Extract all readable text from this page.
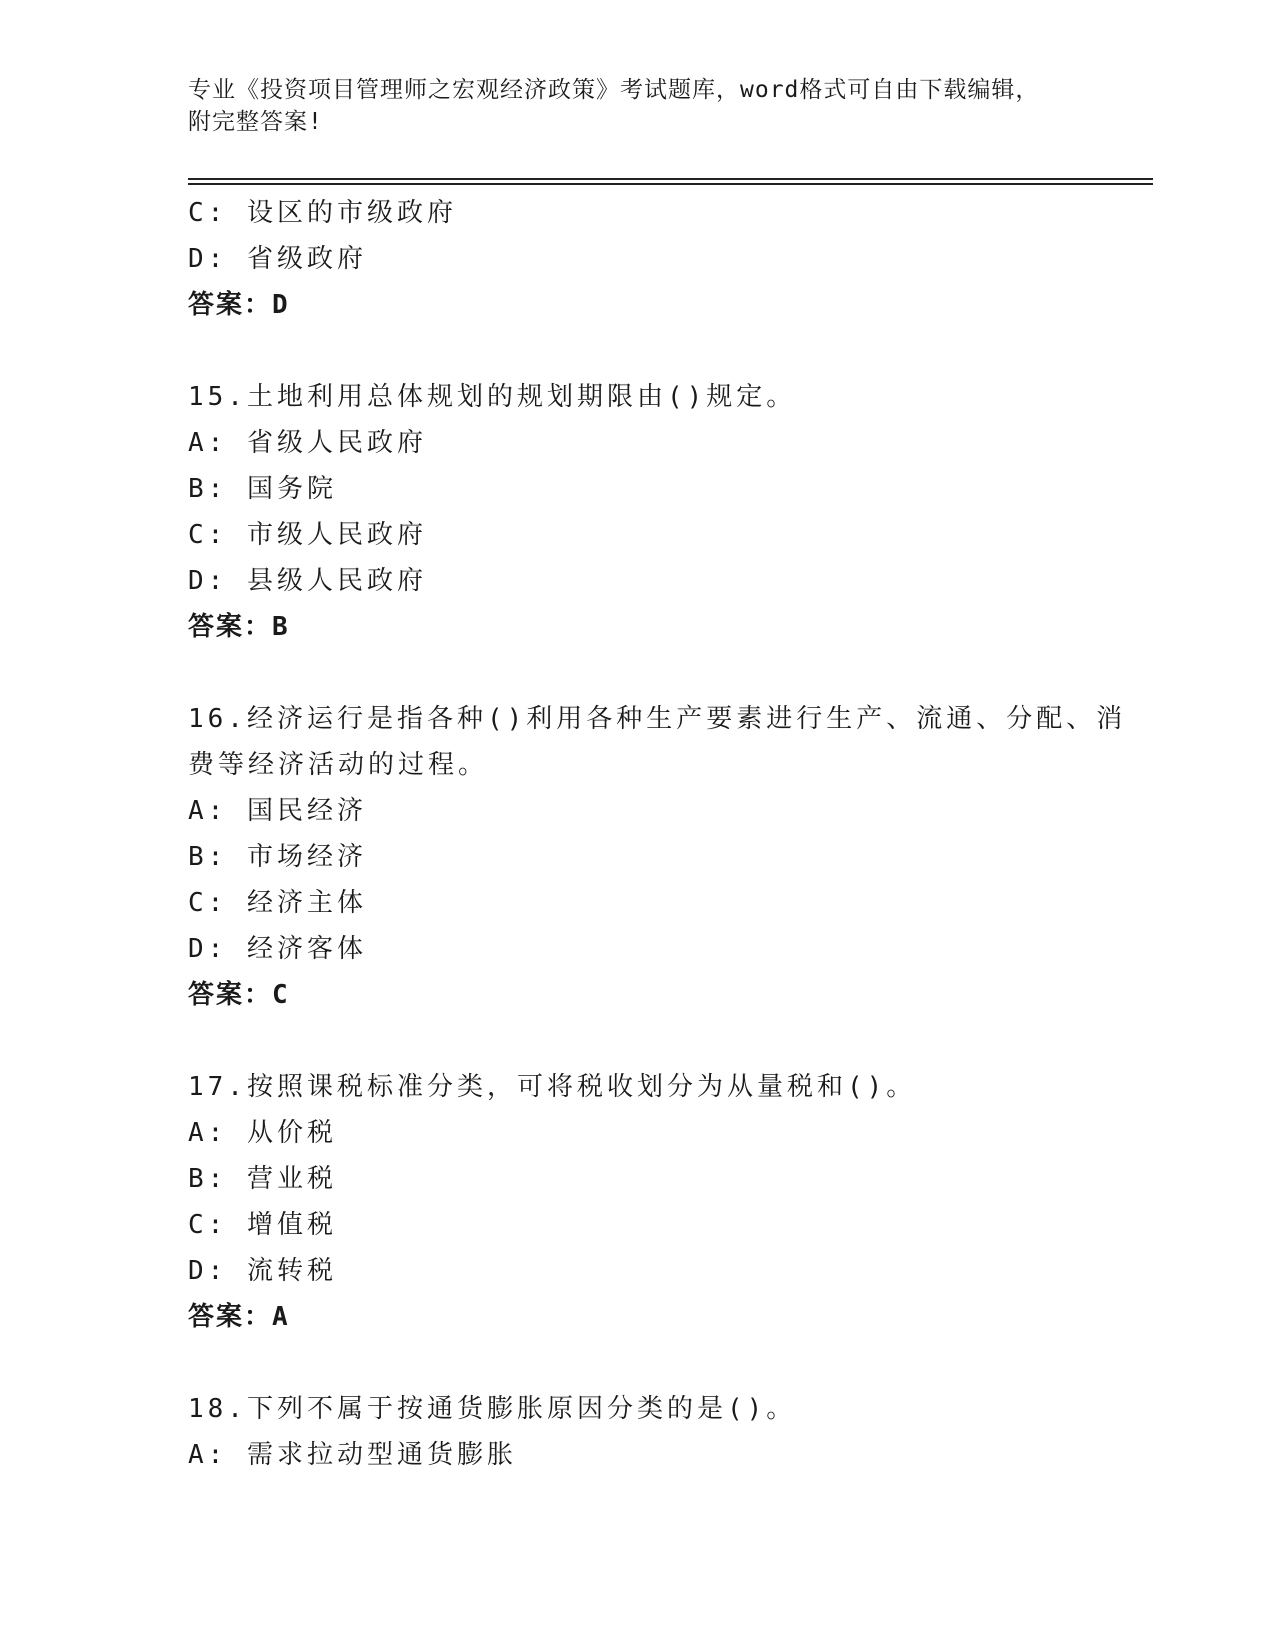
专业《投资项目管理师之宏观经济政策》考试题库，word格式可自由下载编辑，
附完整答案!
C: 设区的市级政府
D: 省级政府
答案：D
15.土地利用总体规划的规划期限由()规定。
A: 省级人民政府
B: 国务院
C: 市级人民政府
D: 县级人民政府
答案：B
16.经济运行是指各种()利用各种生产要素进行生产、流通、分配、消
费等经济活动的过程。
A: 国民经济
B: 市场经济
C: 经济主体
D: 经济客体
答案：C
17.按照课税标准分类，可将税收划分为从量税和()。
A: 从价税
B: 营业税
C: 增值税
D: 流转税
答案：A
18.下列不属于按通货膨胀原因分类的是()。
A: 需求拉动型通货膨胀
